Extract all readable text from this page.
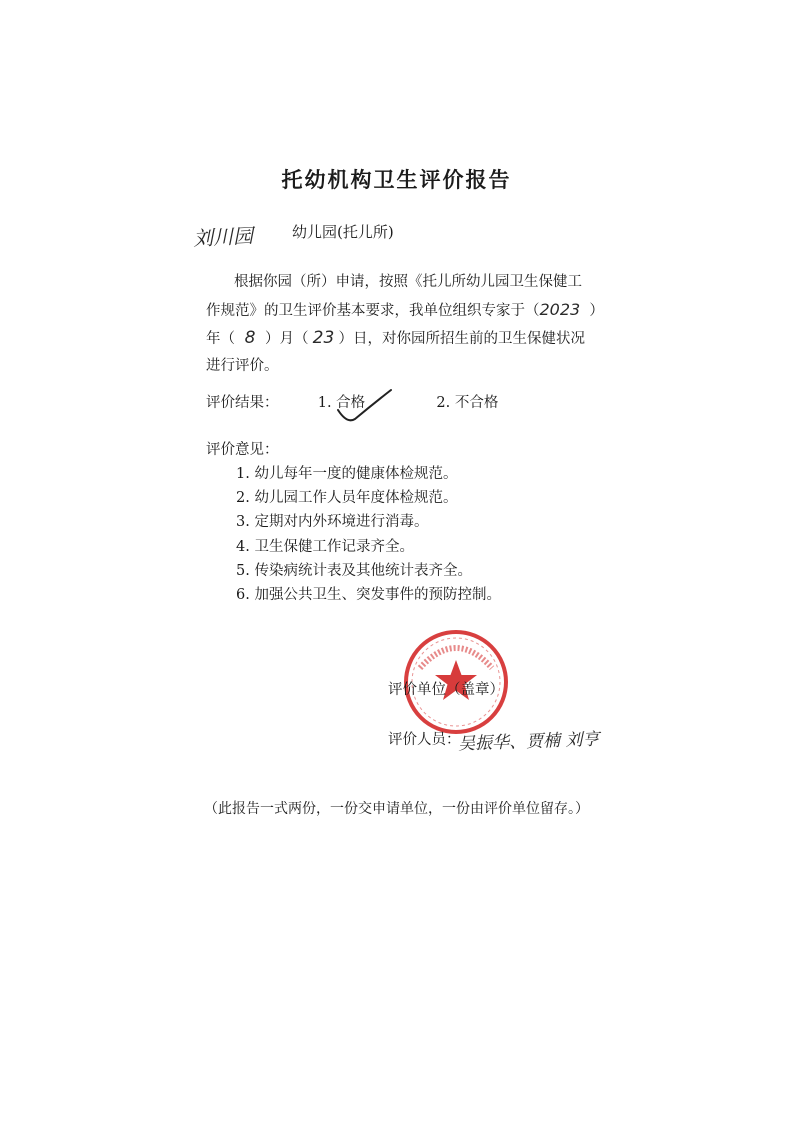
托幼机构卫生评价报告
刘川园	幼儿园(托儿所)
根据你园（所）申请，按照《托儿所幼儿园卫生保健工
作规范》的卫生评价基本要求，我单位组织专家于（2023  ）
年（ 8 ）月（ 23 ）日，对你园所招生前的卫生保健状况
进行评价。
评价结果：	1. 合格	2. 不合格
评价意见：
1. 幼儿每年一度的健康体检规范。
2. 幼儿园工作人员年度体检规范。
3. 定期对内外环境进行消毒。
4. 卫生保健工作记录齐全。
5. 传染病统计表及其他统计表齐全。
6. 加强公共卫生、突发事件的预防控制。
评价单位（盖章）
评价人员：
吴振华、贾楠 刘亨
（此报告一式两份，一份交申请单位，一份由评价单位留存。）
